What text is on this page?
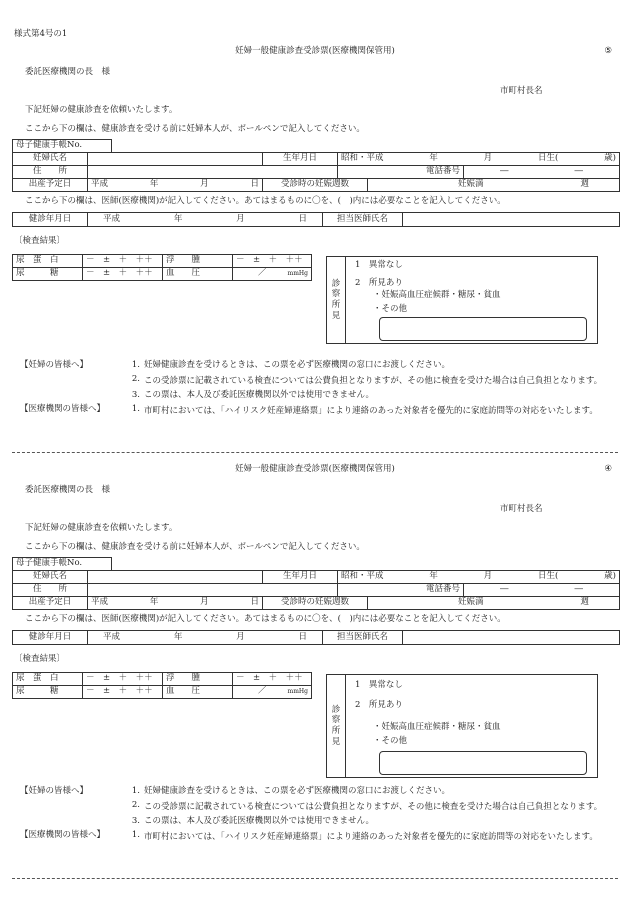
様式第4号の1
妊婦一般健康診査受診票(医療機関保管用)	⑤
委託医療機関の長　様
市町村長名
下記妊婦の健康診査を依頼いたします。
ここから下の欄は、健康診査を受ける前に妊婦本人が、ボールペンで記入してください。
母子健康手帳No.
妊婦氏名	生年月日	昭和・平成	年	月	日生(	歳)
住　　所	電話番号	―	―
出産予定日	平成	年	月	日	受診時の妊娠週数	妊娠満	週
ここから下の欄は、医師(医療機関)が記入してください。あてはまるものに〇を、(　)内には必要なことを記入してください。
健診年月日	平成	年	月	日	担当医師氏名
〔検査結果〕
尿　蛋　白	－　±　＋　＋＋	浮　　腫	－　±　＋　＋＋
尿　　　糖	－　±　＋　＋＋	血　　圧	／	mmHg
診
察
所
見
1　異常なし
2　所見あり
・妊娠高血圧症候群・糖尿・貧血
・その他
【妊婦の皆様へ】	1. 妊婦健康診査を受けるときは、この票を必ず医療機関の窓口にお渡しください。
2. この受診票に記載されている検査については公費負担となりますが、その他に検査を受けた場合は自己負担となります。
3. この票は、本人及び委託医療機関以外では使用できません。
【医療機関の皆様へ】	1. 市町村においては、「ハイリスク妊産婦連絡票」により連絡のあった対象者を優先的に家庭訪問等の対応をいたします。
妊婦一般健康診査受診票(医療機関保管用)	④
委託医療機関の長　様
市町村長名
下記妊婦の健康診査を依頼いたします。
ここから下の欄は、健康診査を受ける前に妊婦本人が、ボールペンで記入してください。
母子健康手帳No.
妊婦氏名	生年月日	昭和・平成	年	月	日生(	歳)
住　　所	電話番号	―	―
出産予定日	平成	年	月	日	受診時の妊娠週数	妊娠満	週
ここから下の欄は、医師(医療機関)が記入してください。あてはまるものに〇を、(　)内には必要なことを記入してください。
健診年月日	平成	年	月	日	担当医師氏名
〔検査結果〕
尿　蛋　白	－　±　＋　＋＋	浮　　腫	－　±　＋　＋＋
尿　　　糖	－　±　＋　＋＋	血　　圧	／	mmHg
診
察
所
見
1　異常なし
2　所見あり
・妊娠高血圧症候群・糖尿・貧血
・その他
【妊婦の皆様へ】	1. 妊婦健康診査を受けるときは、この票を必ず医療機関の窓口にお渡しください。
2. この受診票に記載されている検査については公費負担となりますが、その他に検査を受けた場合は自己負担となります。
3. この票は、本人及び委託医療機関以外では使用できません。
【医療機関の皆様へ】	1. 市町村においては、「ハイリスク妊産婦連絡票」により連絡のあった対象者を優先的に家庭訪問等の対応をいたします。
